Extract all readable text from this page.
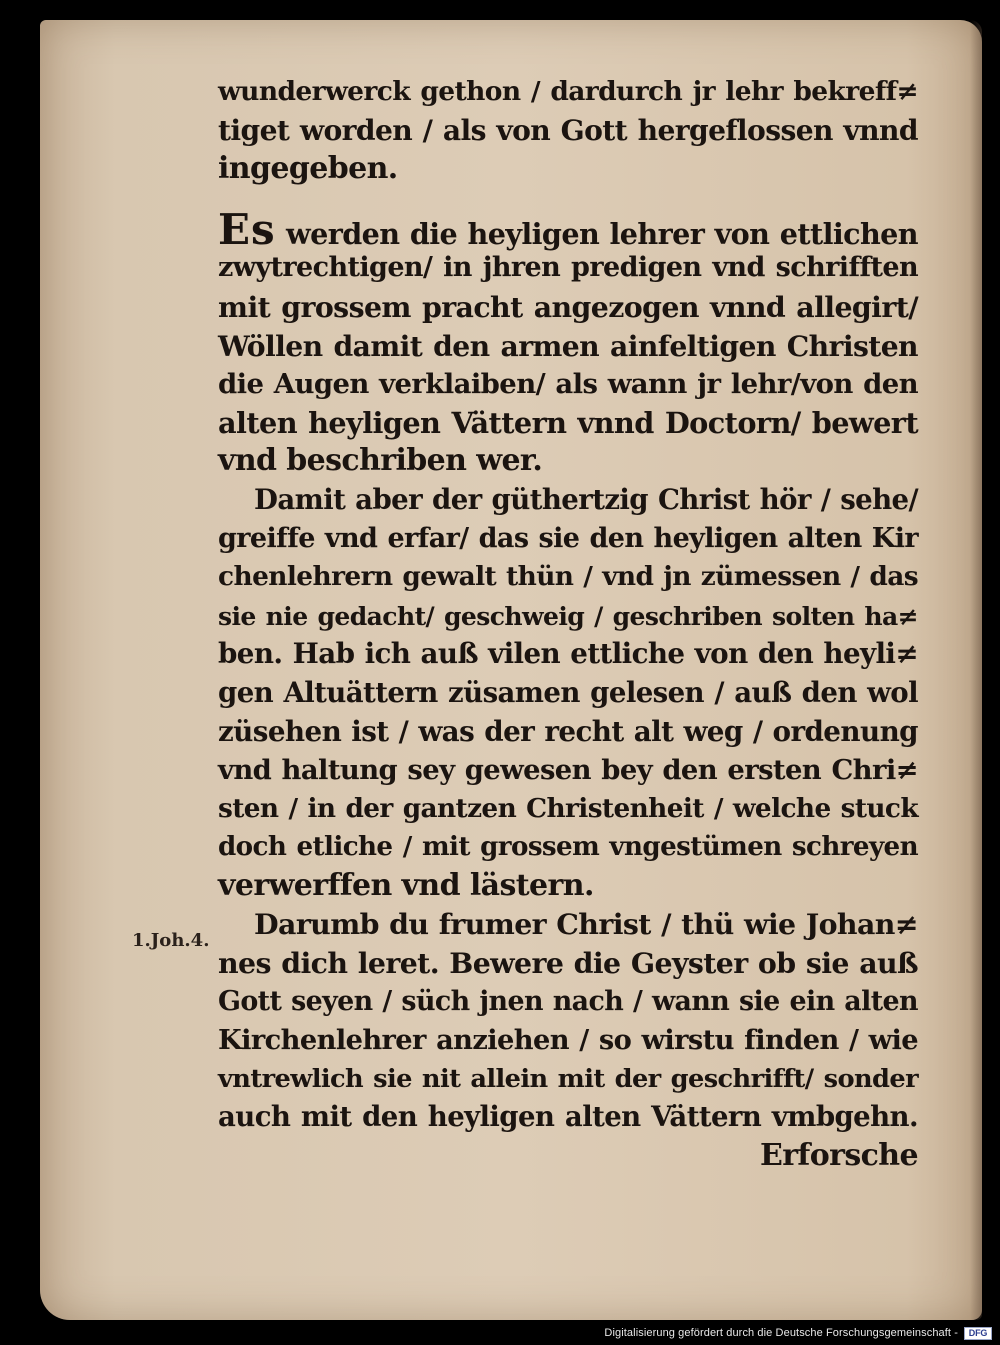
1.Joh.4.
wunderwerck gethon / dardurch jr lehr bekreff≠
tiget worden / als von Gott hergeflossen vnnd
ingegeben.
Es werden die heyligen lehrer von ettlichen
zwytrechtigen/ in jhren predigen vnd schrifften
mit grossem pracht angezogen vnnd allegirt/
Wöllen damit den armen ainfeltigen Christen
die Augen verklaiben/ als wann jr lehr/von den
alten heyligen Vättern vnnd Doctorn/ bewert
vnd beschriben wer.
Damit aber der güthertzig Christ hör / sehe/
greiffe vnd erfar/ das sie den heyligen alten Kir
chenlehrern gewalt thün / vnd jn zümessen / das
sie nie gedacht/ geschweig / geschriben solten ha≠
ben. Hab ich auß vilen ettliche von den heyli≠
gen Altuättern züsamen gelesen / auß den wol
züsehen ist / was der recht alt weg / ordenung
vnd haltung sey gewesen bey den ersten Chri≠
sten / in der gantzen Christenheit / welche stuck
doch etliche / mit grossem vngestümen schreyen
verwerffen vnd lästern.
Darumb du frumer Christ / thü wie Johan≠
nes dich leret. Bewere die Geyster ob sie auß
Gott seyen / süch jnen nach / wann sie ein alten
Kirchenlehrer anziehen / so wirstu finden / wie
vntrewlich sie nit allein mit der geschrifft/ sonder
auch mit den heyligen alten Vättern vmbgehn.
Erforsche
Digitalisierung gefördert durch die Deutsche Forschungsgemeinschaft -	DFG
